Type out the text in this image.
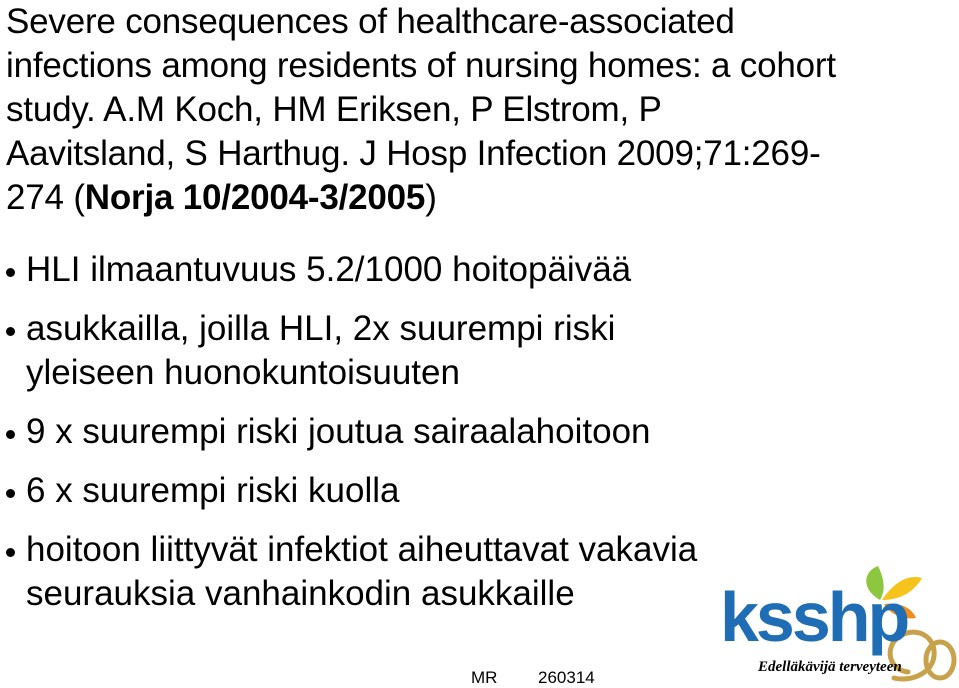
Severe consequences of healthcare-associated
infections among residents of nursing homes: a cohort
study. A.M Koch, HM Eriksen, P Elstrom, P
Aavitsland, S Harthug. J Hosp Infection 2009;71:269-
274 (Norja 10/2004-3/2005)
HLI ilmaantuvuus 5.2/1000 hoitopäivää
asukkailla, joilla HLI, 2x suurempi riski
yleiseen huonokuntoisuuten
9 x suurempi riski joutua sairaalahoitoon
6 x suurempi riski kuolla
hoitoon liittyvät infektiot aiheuttavat vakavia
seurauksia vanhainkodin asukkaille
MR 260314
ksshp
Edelläkävijä terveyteen
